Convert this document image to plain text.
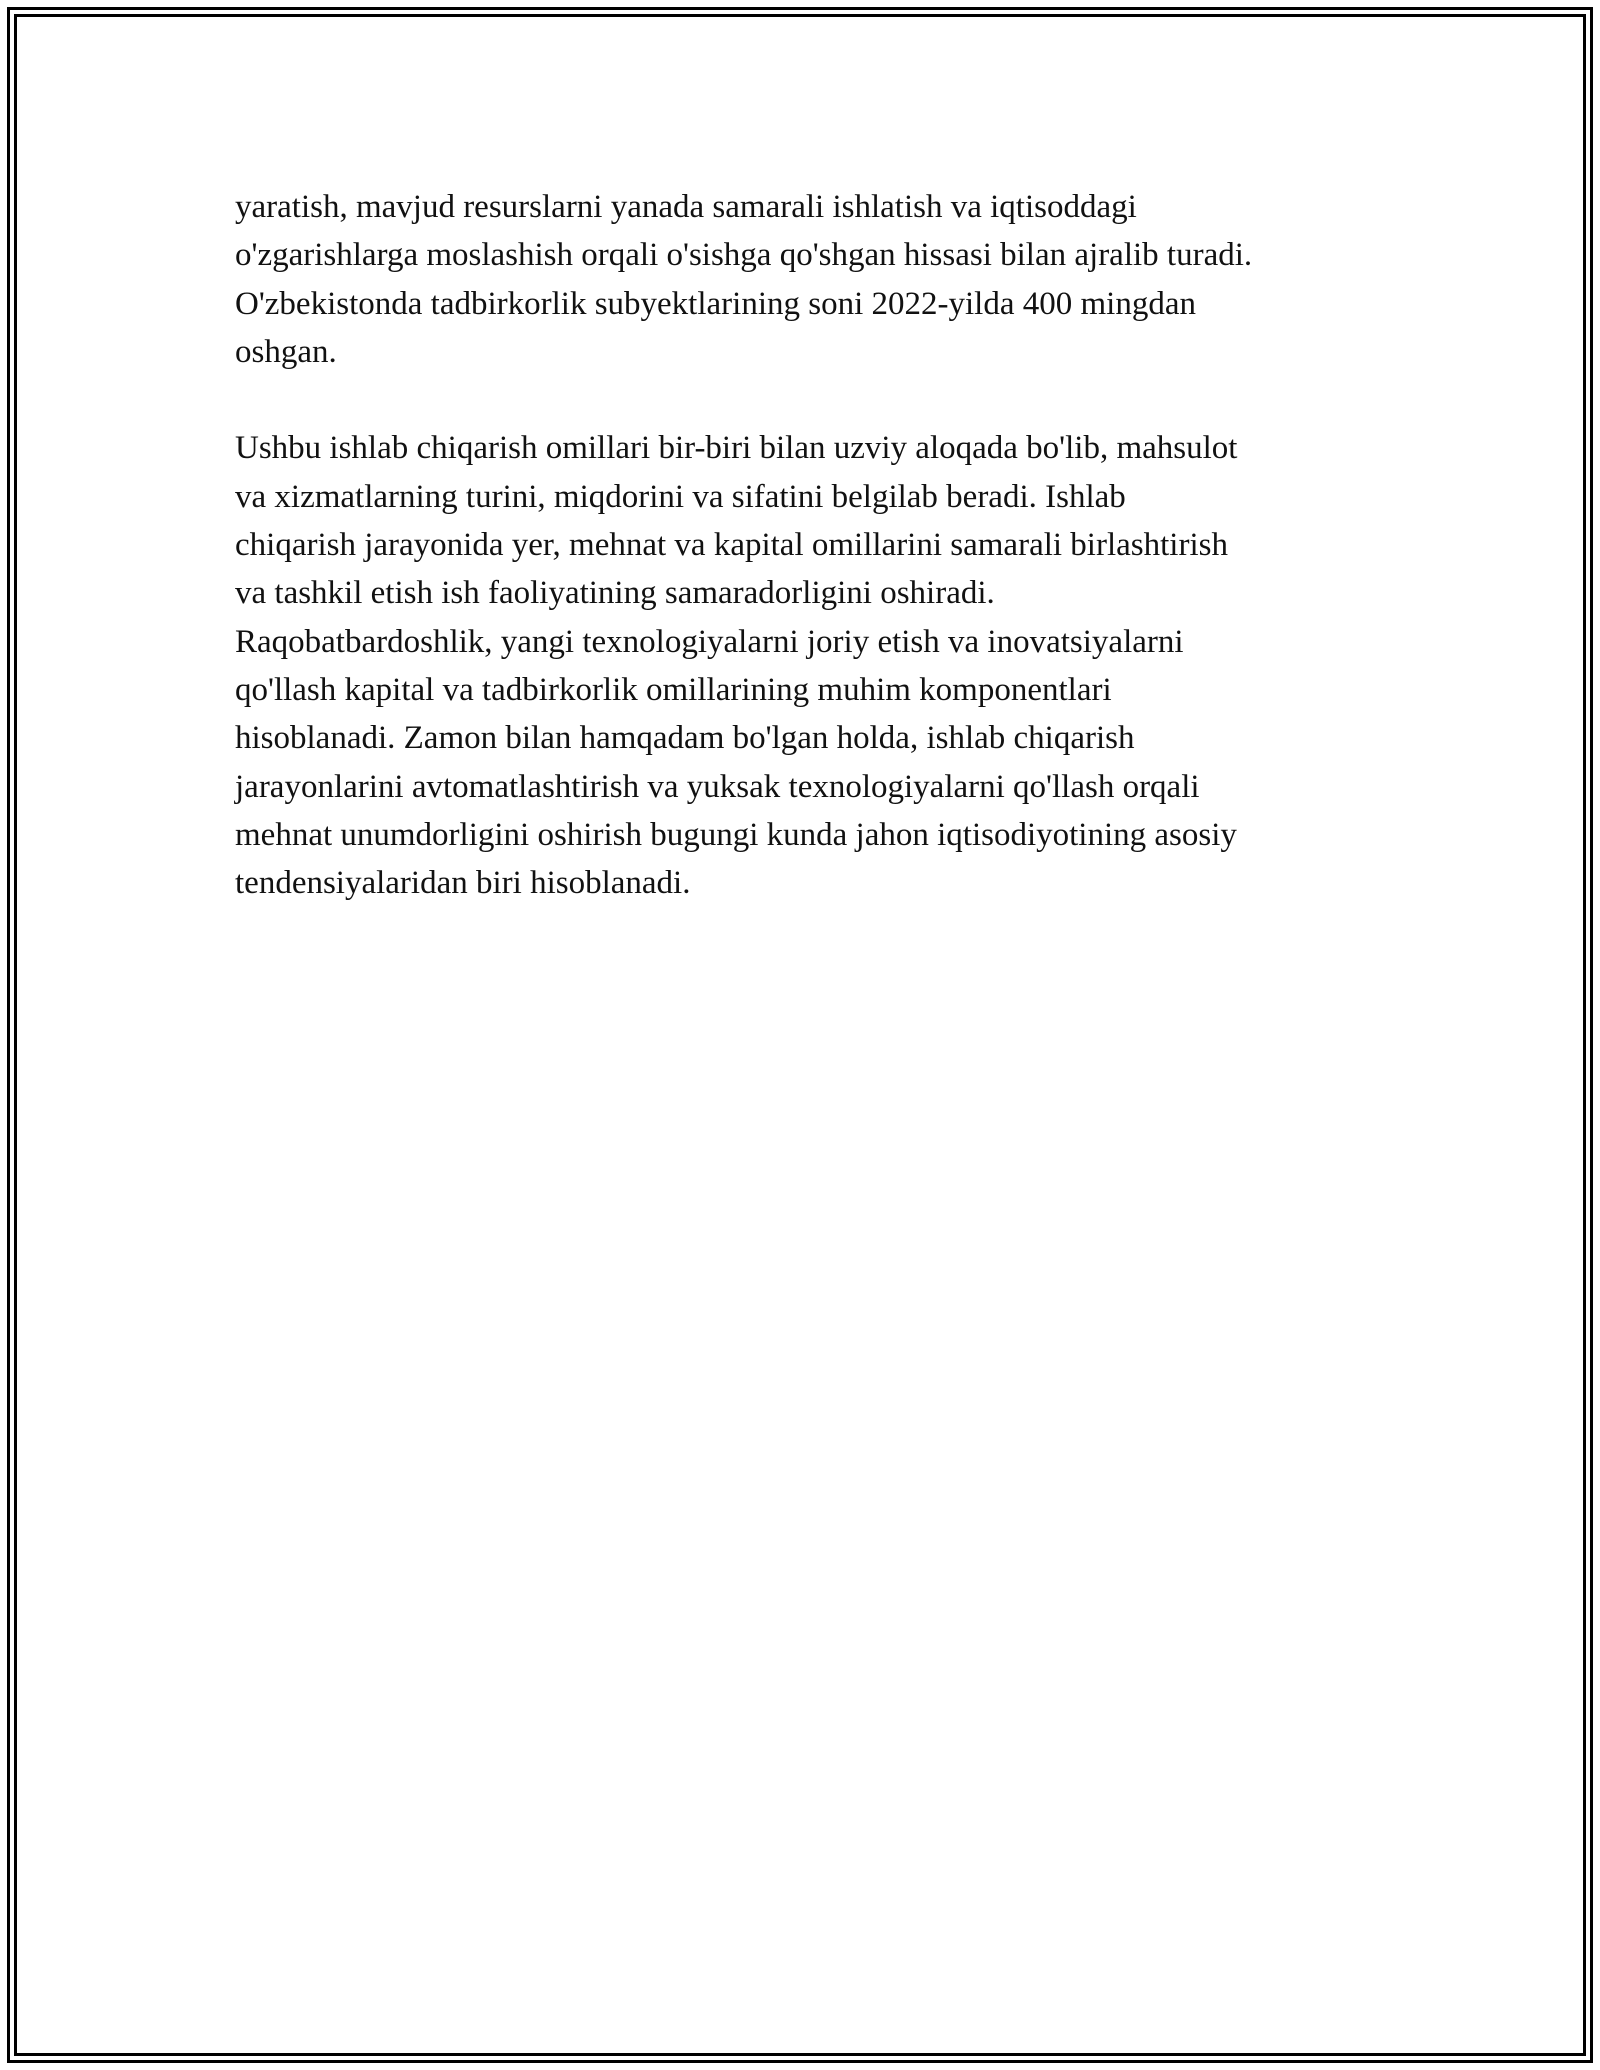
yaratish, mavjud resurslarni yanada samarali ishlatish va iqtisoddagi
o'zgarishlarga moslashish orqali o'sishga qo'shgan hissasi bilan ajralib turadi.
O'zbekistonda tadbirkorlik subyektlarining soni 2022-yilda 400 mingdan
oshgan.
Ushbu ishlab chiqarish omillari bir-biri bilan uzviy aloqada bo'lib, mahsulot
va xizmatlarning turini, miqdorini va sifatini belgilab beradi. Ishlab
chiqarish jarayonida yer, mehnat va kapital omillarini samarali birlashtirish
va tashkil etish ish faoliyatining samaradorligini oshiradi.
Raqobatbardoshlik, yangi texnologiyalarni joriy etish va inovatsiyalarni
qo'llash kapital va tadbirkorlik omillarining muhim komponentlari
hisoblanadi. Zamon bilan hamqadam bo'lgan holda, ishlab chiqarish
jarayonlarini avtomatlashtirish va yuksak texnologiyalarni qo'llash orqali
mehnat unumdorligini oshirish bugungi kunda jahon iqtisodiyotining asosiy
tendensiyalaridan biri hisoblanadi.
